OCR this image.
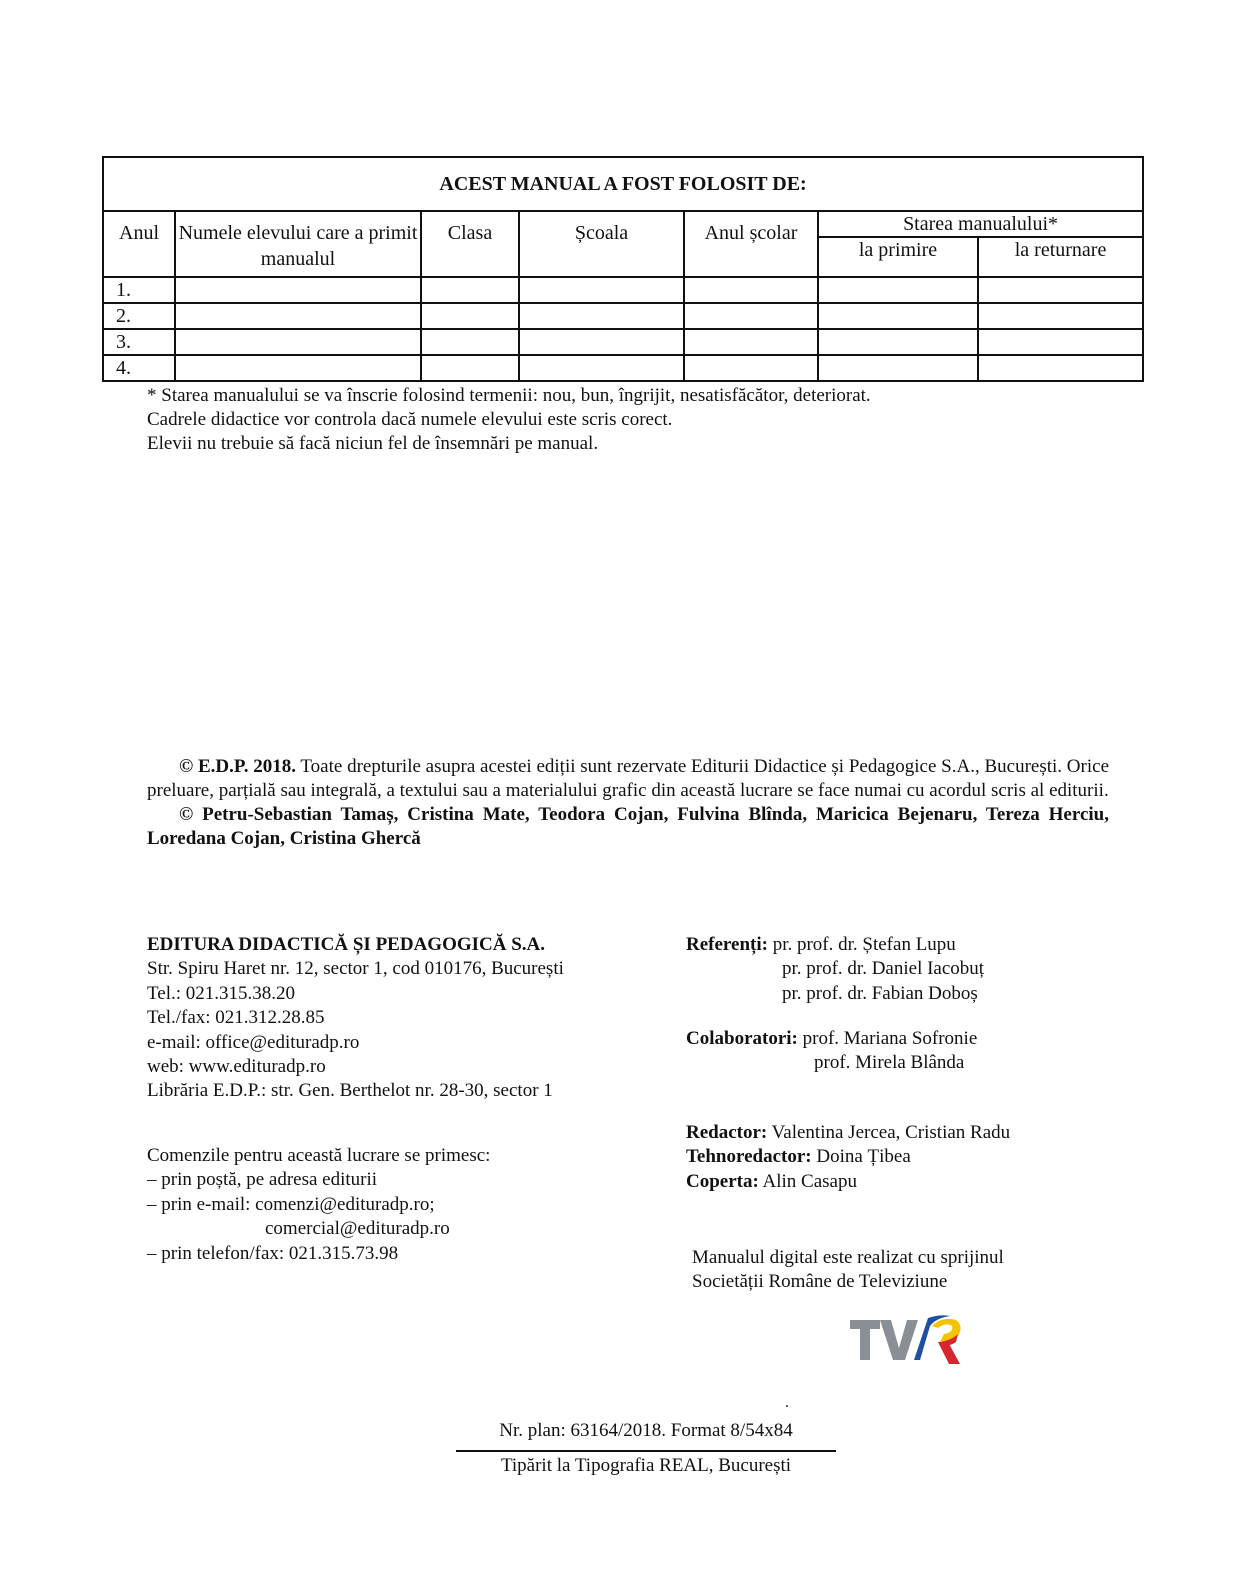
ACEST MANUAL A FOST FOLOSIT DE:						
Anul	Numele elevului care a primit manualul	Clasa	Școala	Anul școlar	Starea manualului*	
					la primire	la returnare
1.						
2.						
3.						
4.						
* Starea manualului se va înscrie folosind termenii: nou, bun, îngrijit, nesatisfăcător, deteriorat.
Cadrele didactice vor controla dacă numele elevului este scris corect.
Elevii nu trebuie să facă niciun fel de însemnări pe manual.

© E.D.P. 2018. Toate drepturile asupra acestei ediții sunt rezervate Editurii Didactice și Pedagogice S.A., București. Orice preluare, parțială sau integrală, a textului sau a materialului grafic din această lucrare se face numai cu acordul scris al editurii.

© Petru-Sebastian Tamaș, Cristina Mate, Teodora Cojan, Fulvina Blînda, Maricica Bejenaru, Tereza Herciu, Loredana Cojan, Cristina Ghercă

EDITURA DIDACTICĂ ȘI PEDAGOGICĂ S.A.
Str. Spiru Haret nr. 12, sector 1, cod 010176, București
Tel.: 021.315.38.20
Tel./fax: 021.312.28.85
e-mail: office@edituradp.ro
web: www.edituradp.ro
Librăria E.D.P.: str. Gen. Berthelot nr. 28-30, sector 1
Comenzile pentru această lucrare se primesc:
– prin poștă, pe adresa editurii
– prin e-mail: comenzi@edituradp.ro;
comercial@edituradp.ro
– prin telefon/fax: 021.315.73.98
Referenți: pr. prof. dr. Ștefan Lupu
pr. prof. dr. Daniel Iacobuț
pr. prof. dr. Fabian Doboș
Colaboratori: prof. Mariana Sofronie
prof. Mirela Blânda
Redactor: Valentina Jercea, Cristian Radu
Tehnoredactor: Doina Țibea
Coperta: Alin Casapu
Manualul digital este realizat cu sprijinul
Societății Române de Televiziune
.
Nr. plan: 63164/2018. Format 8/54x84
Tipărit la Tipografia REAL, București
